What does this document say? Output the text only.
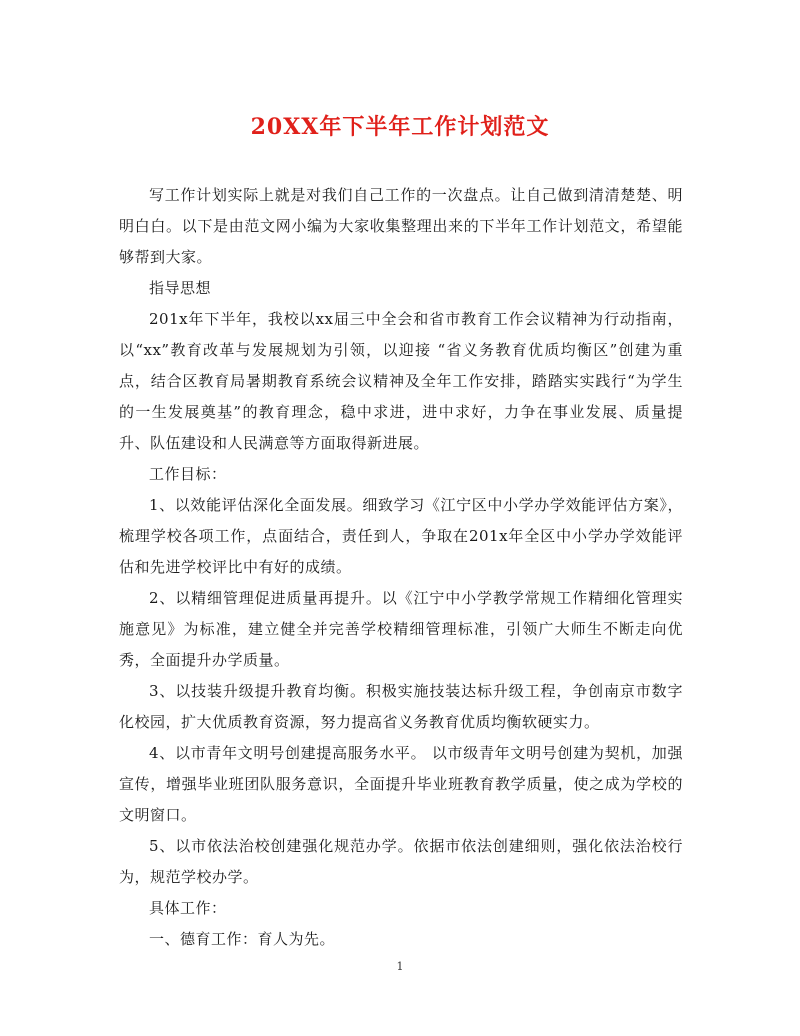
20XX年下半年工作计划范文

写工作计划实际上就是对我们自己工作的一次盘点。让自己做到清清楚楚、明明白白。以下是由范文网小编为大家收集整理出来的下半年工作计划范文，希望能够帮到大家。

指导思想

201x年下半年，我校以xx届三中全会和省市教育工作会议精神为行动指南，以“xx”教育改革与发展规划为引领，以迎接 “省义务教育优质均衡区”创建为重点，结合区教育局暑期教育系统会议精神及全年工作安排，踏踏实实践行“为学生的一生发展奠基”的教育理念，稳中求进，进中求好，力争在事业发展、质量提升、队伍建设和人民满意等方面取得新进展。

工作目标：

1、以效能评估深化全面发展。细致学习《江宁区中小学办学效能评估方案》，梳理学校各项工作，点面结合，责任到人，争取在201x年全区中小学办学效能评估和先进学校评比中有好的成绩。

2、以精细管理促进质量再提升。以《江宁中小学教学常规工作精细化管理实施意见》为标准，建立健全并完善学校精细管理标准，引领广大师生不断走向优秀，全面提升办学质量。

3、以技装升级提升教育均衡。积极实施技装达标升级工程，争创南京市数字化校园，扩大优质教育资源，努力提高省义务教育优质均衡软硬实力。

4、以市青年文明号创建提高服务水平。 以市级青年文明号创建为契机，加强宣传，增强毕业班团队服务意识，全面提升毕业班教育教学质量，使之成为学校的文明窗口。

5、以市依法治校创建强化规范办学。依据市依法创建细则，强化依法治校行为，规范学校办学。

具体工作：

一、德育工作：育人为先。

1
